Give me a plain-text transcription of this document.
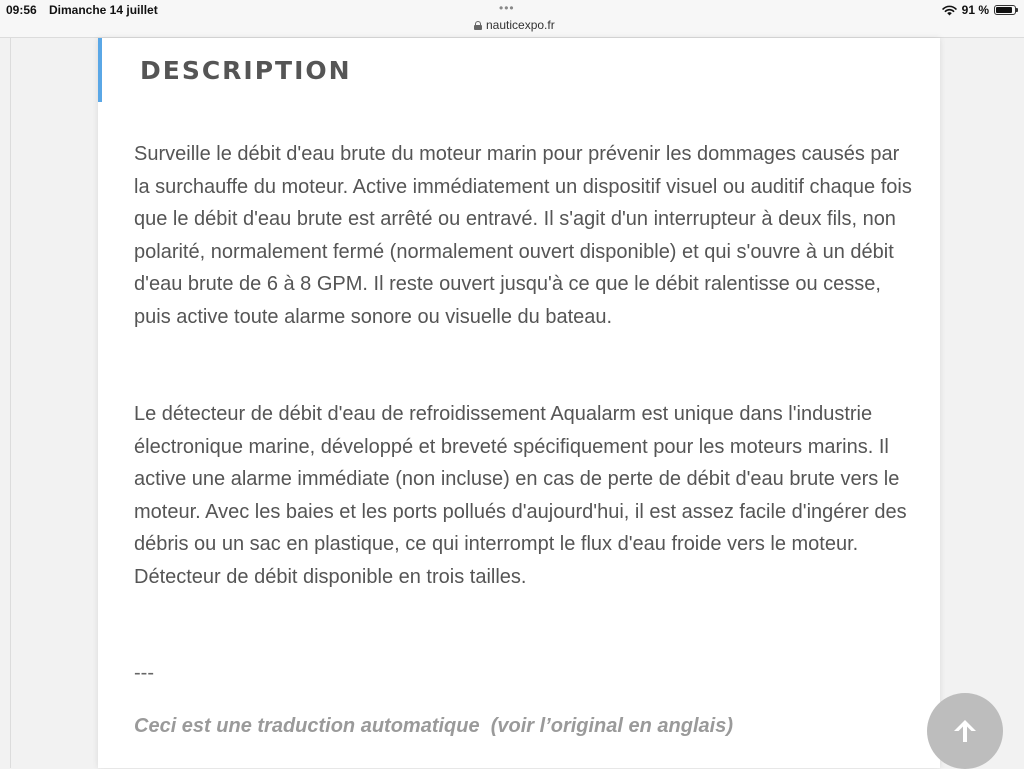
09:56 Dimanche 14 juillet	•••
nauticexpo.fr
91 %
DESCRIPTION

Surveille le débit d'eau brute du moteur marin pour prévenir les dommages causés par la surchauffe du moteur. Active immédiatement un dispositif visuel ou auditif chaque fois que le débit d'eau brute est arrêté ou entravé. Il s'agit d'un interrupteur à deux fils, non polarité, normalement fermé (normalement ouvert disponible) et qui s'ouvre à un débit d'eau brute de 6 à 8 GPM. Il reste ouvert jusqu'à ce que le débit ralentisse ou cesse, puis active toute alarme sonore ou visuelle du bateau.

Le détecteur de débit d'eau de refroidissement Aqualarm est unique dans l'industrie électronique marine, développé et breveté spécifiquement pour les moteurs marins. Il active une alarme immédiate (non incluse) en cas de perte de débit d'eau brute vers le moteur. Avec les baies et les ports pollués d'aujourd'hui, il est assez facile d'ingérer des débris ou un sac en plastique, ce qui interrompt le flux d'eau froide vers le moteur. Détecteur de débit disponible en trois tailles.

---

Ceci est une traduction automatique  (voir l’original en anglais)
